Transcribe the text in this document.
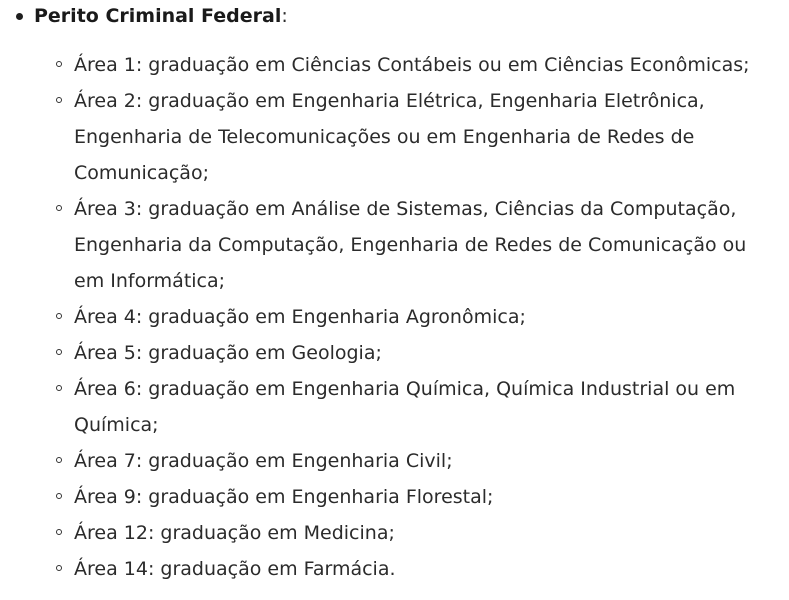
Perito Criminal Federal:
Área 1: graduação em Ciências Contábeis ou em Ciências Econômicas;
Área 2: graduação em Engenharia Elétrica, Engenharia Eletrônica, Engenharia de Telecomunicações ou em Engenharia de Redes de Comunicação;
Área 3: graduação em Análise de Sistemas, Ciências da Computação, Engenharia da Computação, Engenharia de Redes de Comunicação ou em Informática;
Área 4: graduação em Engenharia Agronômica;
Área 5: graduação em Geologia;
Área 6: graduação em Engenharia Química, Química Industrial ou em Química;
Área 7: graduação em Engenharia Civil;
Área 9: graduação em Engenharia Florestal;
Área 12: graduação em Medicina;
Área 14: graduação em Farmácia.
